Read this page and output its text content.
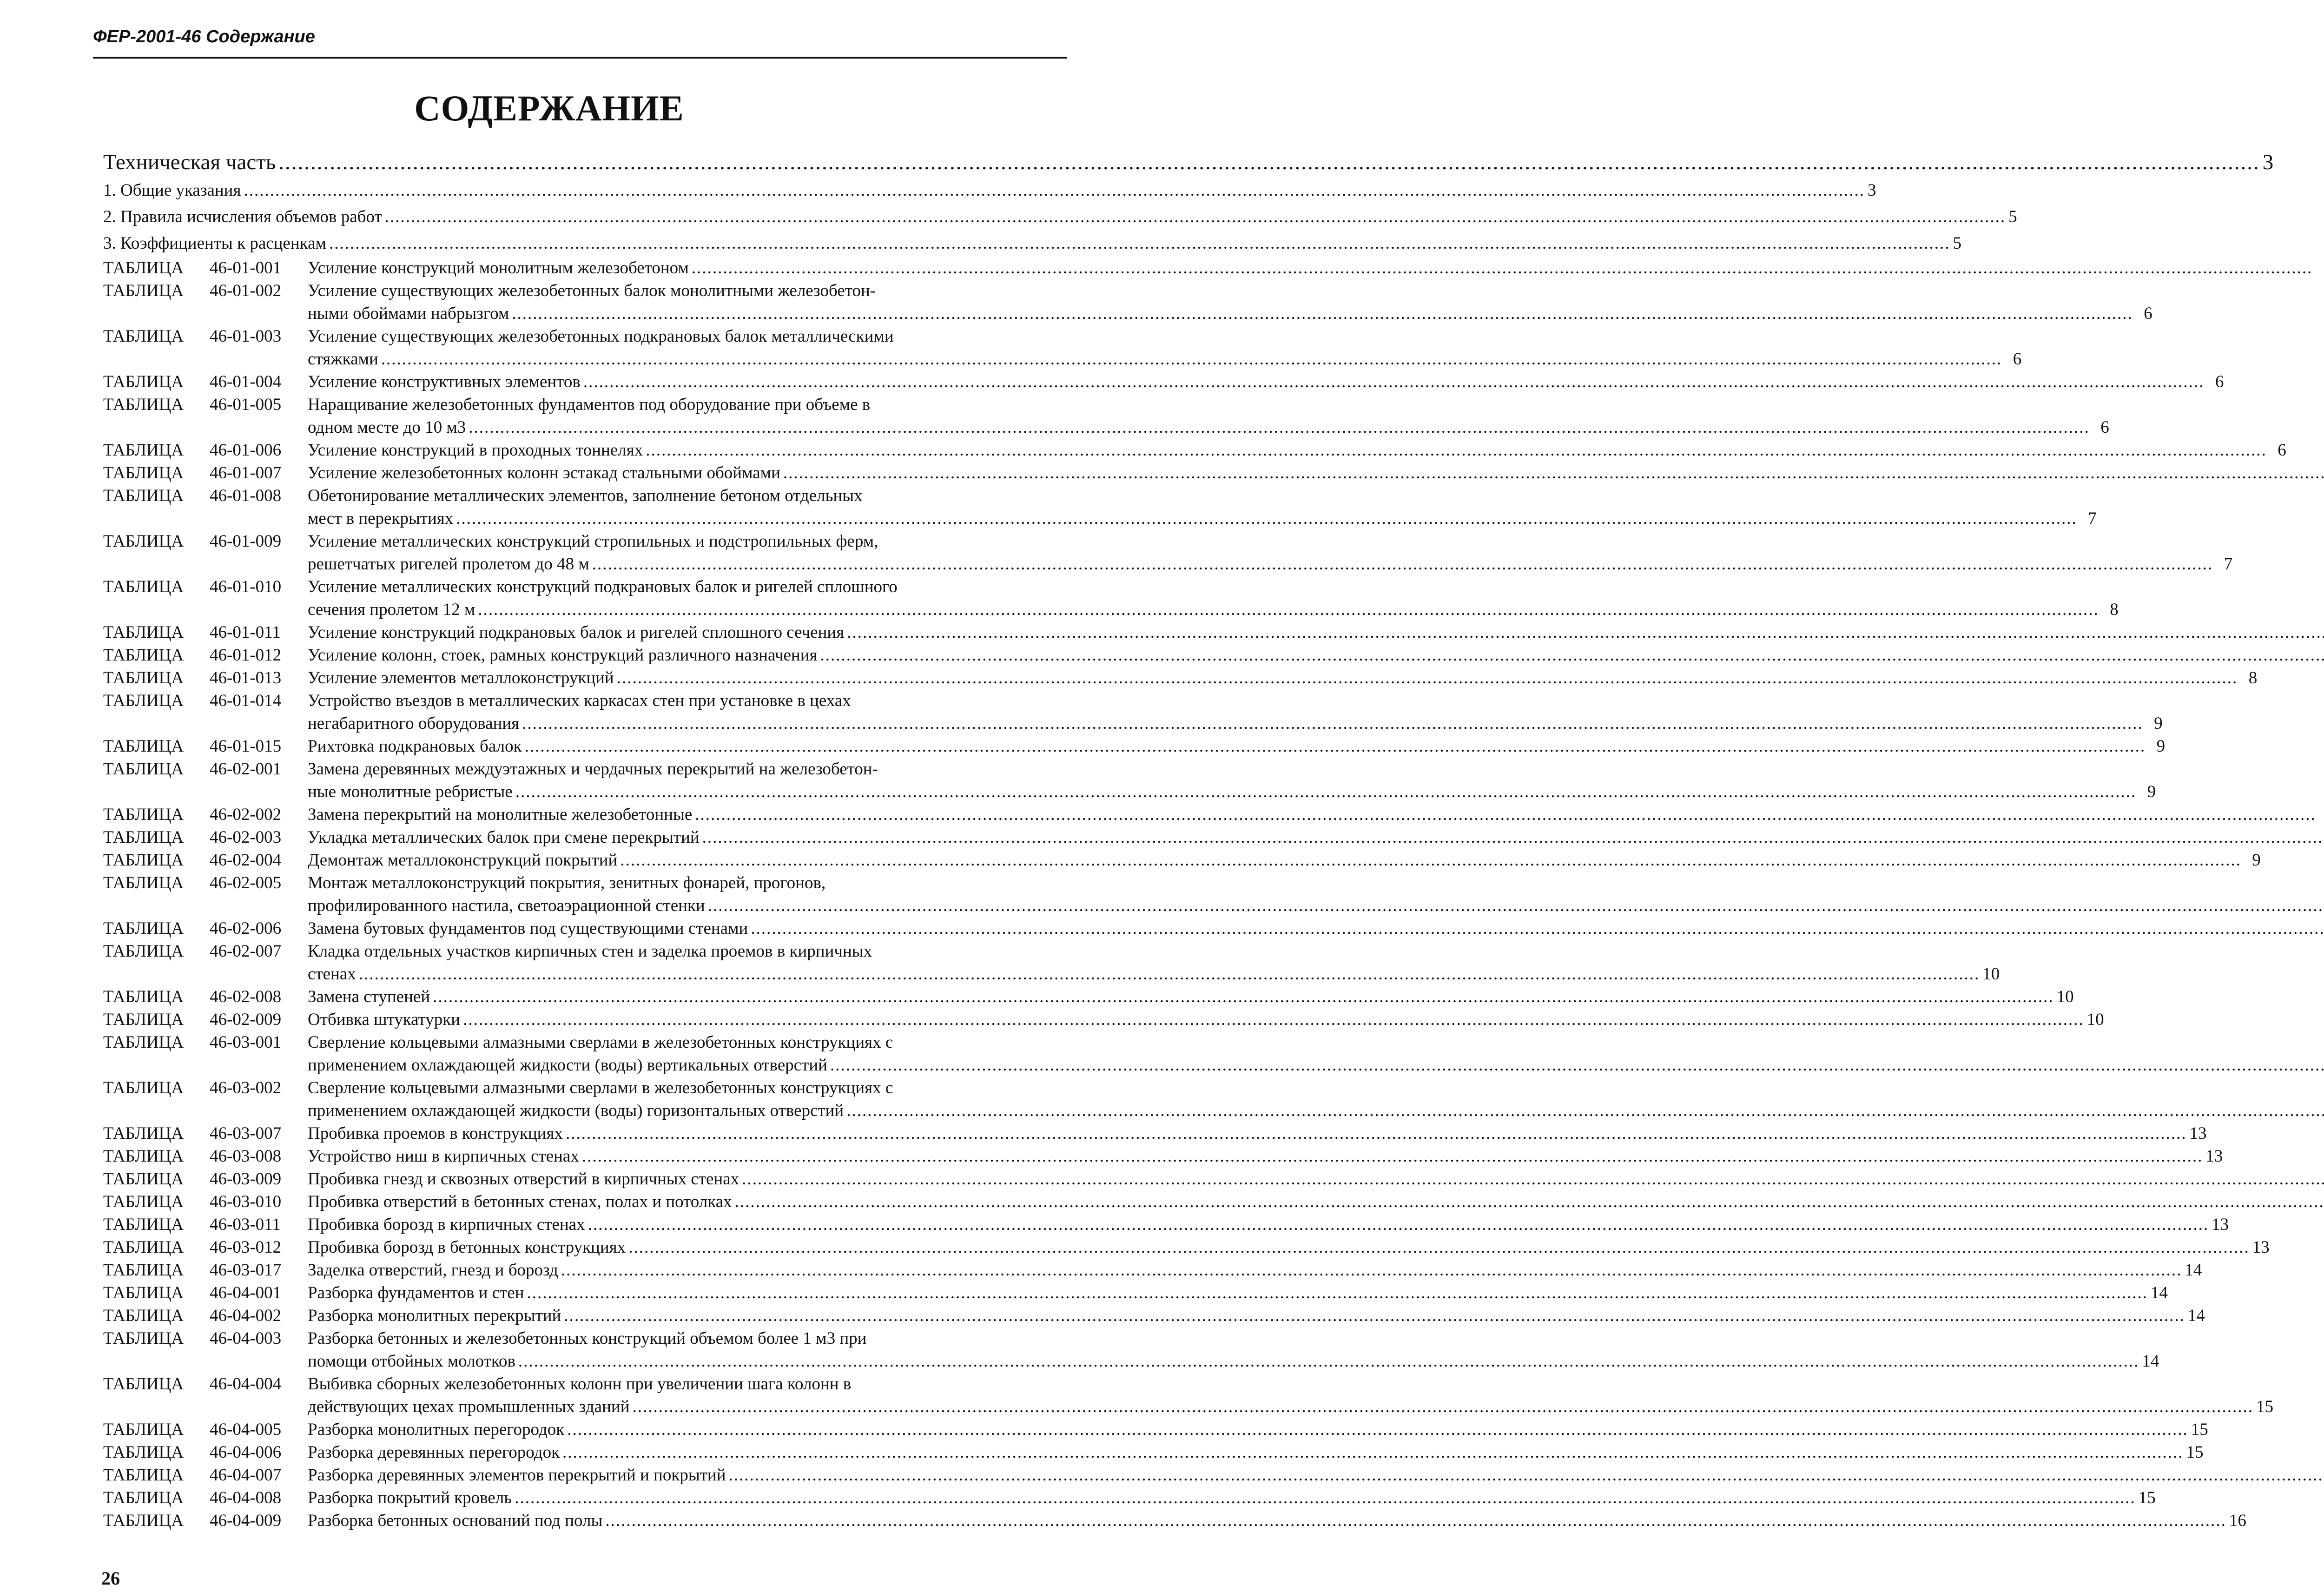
ФЕР-2001-46 Содержание
СОДЕРЖАНИЕ
Техническая часть .....	3
1. Общие указания .....	3
2. Правила исчисления объемов работ .....	5
3. Коэффициенты к расценкам .....	5
ТАБЛИЦА	46-01-001	Усиление конструкций монолитным железобетоном
.....
ТАБЛИЦА	46-01-002	Усиление существующих железобетонных балок монолитными железобетон-
ными обоймами набрызгом .....	6
ТАБЛИЦА	46-01-003	Усиление существующих железобетонных подкрановых балок металлическими
стяжками .....	6
ТАБЛИЦА	46-01-004	Усиление конструктивных элементов .....	6
ТАБЛИЦА	46-01-005	Наращивание железобетонных фундаментов под оборудование при объеме в
одном месте до 10 м3 .....	6
ТАБЛИЦА	46-01-006	Усиление конструкций в проходных тоннелях .....	6
ТАБЛИЦА	46-01-007	Усиление железобетонных колонн эстакад стальными обоймами
.....
ТАБЛИЦА	46-01-008	Обетонирование металлических элементов, заполнение бетоном отдельных
мест в перекрытиях .....	7
ТАБЛИЦА	46-01-009	Усиление металлических конструкций стропильных и подстропильных ферм,
решетчатых ригелей пролетом до 48 м .....	7
ТАБЛИЦА	46-01-010	Усиление металлических конструкций подкрановых балок и ригелей сплошного
сечения пролетом 12 м .....	8
ТАБЛИЦА	46-01-011	Усиление конструкций подкрановых балок и ригелей сплошного сечения
.....
ТАБЛИЦА	46-01-012	Усиление колонн, стоек, рамных конструкций различного назначения
.....
ТАБЛИЦА	46-01-013	Усиление элементов металлоконструкций .....	8
ТАБЛИЦА	46-01-014	Устройство въездов в металлических каркасах стен при установке в цехах
негабаритного оборудования .....	9
ТАБЛИЦА	46-01-015	Рихтовка подкрановых балок .....	9
ТАБЛИЦА	46-02-001	Замена деревянных междуэтажных и чердачных перекрытий на железобетон-
ные монолитные ребристые .....	9
ТАБЛИЦА	46-02-002	Замена перекрытий на монолитные железобетонные
.....
ТАБЛИЦА	46-02-003	Укладка металлических балок при смене перекрытий
.....
ТАБЛИЦА	46-02-004	Демонтаж металлоконструкций покрытий .....	9
ТАБЛИЦА	46-02-005	Монтаж металлоконструкций покрытия, зенитных фонарей, прогонов,
профилированного настила, светоаэрационной стенки
.....
ТАБЛИЦА	46-02-006	Замена бутовых фундаментов под существующими стенами
.....
ТАБЛИЦА	46-02-007	Кладка отдельных участков кирпичных стен и заделка проемов в кирпичных
стенах .....	10
ТАБЛИЦА	46-02-008	Замена ступеней .....	10
ТАБЛИЦА	46-02-009	Отбивка штукатурки .....	10
ТАБЛИЦА	46-03-001	Сверление кольцевыми алмазными сверлами в железобетонных конструкциях с
применением охлаждающей жидкости (воды) вертикальных отверстий
.....
ТАБЛИЦА	46-03-002	Сверление кольцевыми алмазными сверлами в железобетонных конструкциях с
применением охлаждающей жидкости (воды) горизонтальных отверстий
.....
ТАБЛИЦА	46-03-007	Пробивка проемов в конструкциях .....	13
ТАБЛИЦА	46-03-008	Устройство ниш в кирпичных стенах .....	13
ТАБЛИЦА	46-03-009	Пробивка гнезд и сквозных отверстий в кирпичных стенах
.....
ТАБЛИЦА	46-03-010	Пробивка отверстий в бетонных стенах, полах и потолках
.....
ТАБЛИЦА	46-03-011	Пробивка борозд в кирпичных стенах .....	13
ТАБЛИЦА	46-03-012	Пробивка борозд в бетонных конструкциях .....	13
ТАБЛИЦА	46-03-017	Заделка отверстий, гнезд и борозд .....	14
ТАБЛИЦА	46-04-001	Разборка фундаментов и стен .....	14
ТАБЛИЦА	46-04-002	Разборка монолитных перекрытий .....	14
ТАБЛИЦА	46-04-003	Разборка бетонных и железобетонных конструкций объемом более 1 м3 при
помощи отбойных молотков .....	14
ТАБЛИЦА	46-04-004	Выбивка сборных железобетонных колонн при увеличении шага колонн в
действующих цехах промышленных зданий .....	15
ТАБЛИЦА	46-04-005	Разборка монолитных перегородок .....	15
ТАБЛИЦА	46-04-006	Разборка деревянных перегородок .....	15
ТАБЛИЦА	46-04-007	Разборка деревянных элементов перекрытий и покрытий
.....
ТАБЛИЦА	46-04-008	Разборка покрытий кровель .....	15
ТАБЛИЦА	46-04-009	Разборка бетонных оснований под полы .....	16
26
